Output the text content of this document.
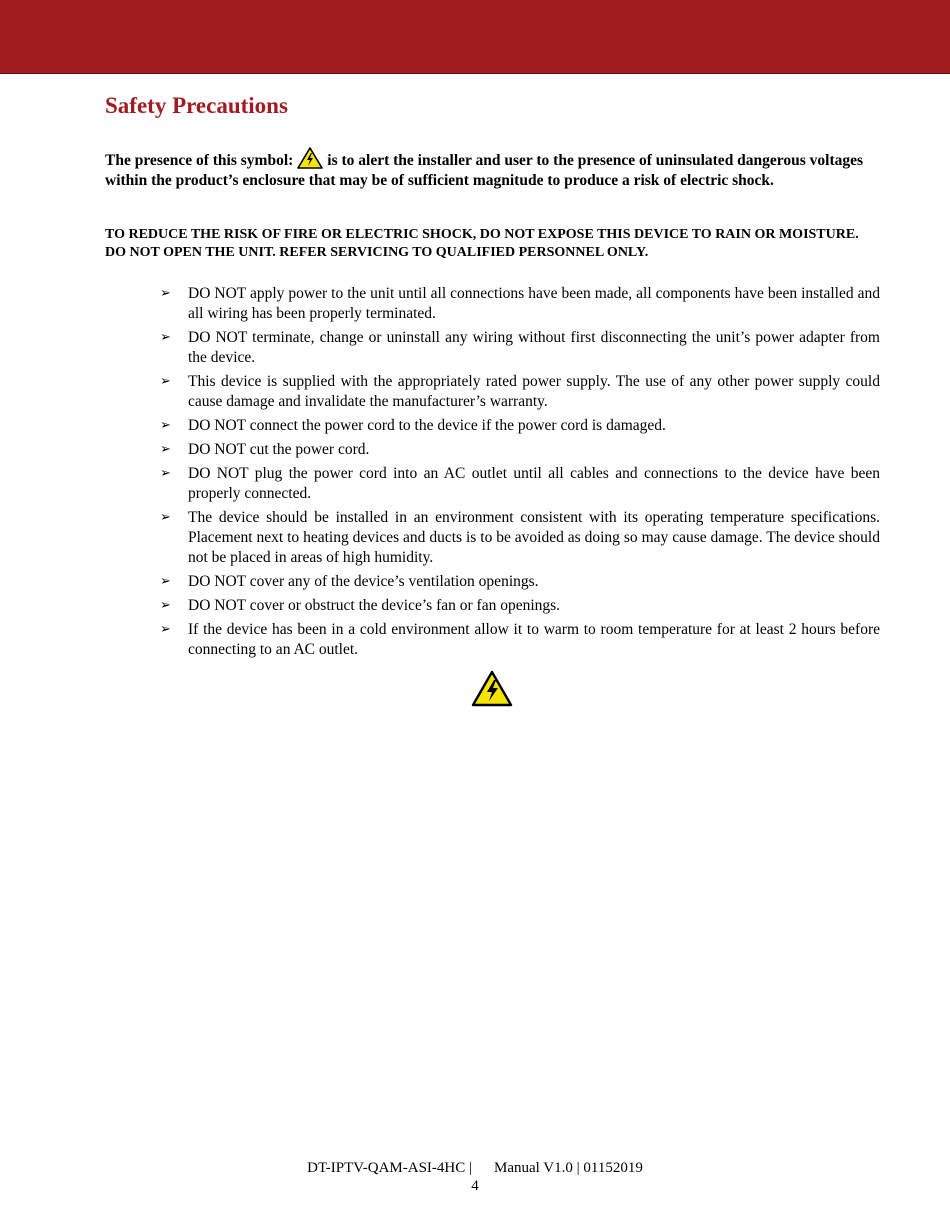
Safety Precautions

The presence of this symbol: is to alert the installer and user to the presence of uninsulated dangerous voltages within the product’s enclosure that may be of sufficient magnitude to produce a risk of electric shock.

TO REDUCE THE RISK OF FIRE OR ELECTRIC SHOCK, DO NOT EXPOSE THIS DEVICE TO RAIN OR MOISTURE. DO NOT OPEN THE UNIT. REFER SERVICING TO QUALIFIED PERSONNEL ONLY.

➢ DO NOT apply power to the unit until all connections have been made, all components have been installed and all wiring has been properly terminated.
➢ DO NOT terminate, change or uninstall any wiring without first disconnecting the unit’s power adapter from the device.
➢ This device is supplied with the appropriately rated power supply. The use of any other power supply could cause damage and invalidate the manufacturer’s warranty.
➢ DO NOT connect the power cord to the device if the power cord is damaged.
➢ DO NOT cut the power cord.
➢ DO NOT plug the power cord into an AC outlet until all cables and connections to the device have been properly connected.
➢ The device should be installed in an environment consistent with its operating temperature specifications. Placement next to heating devices and ducts is to be avoided as doing so may cause damage. The device should not be placed in areas of high humidity.
➢ DO NOT cover any of the device’s ventilation openings.
➢ DO NOT cover or obstruct the device’s fan or fan openings.
➢ If the device has been in a cold environment allow it to warm to room temperature for at least 2 hours before connecting to an AC outlet.
DT-IPTV-QAM-ASI-4HC | Manual V1.0 | 01152019
4
